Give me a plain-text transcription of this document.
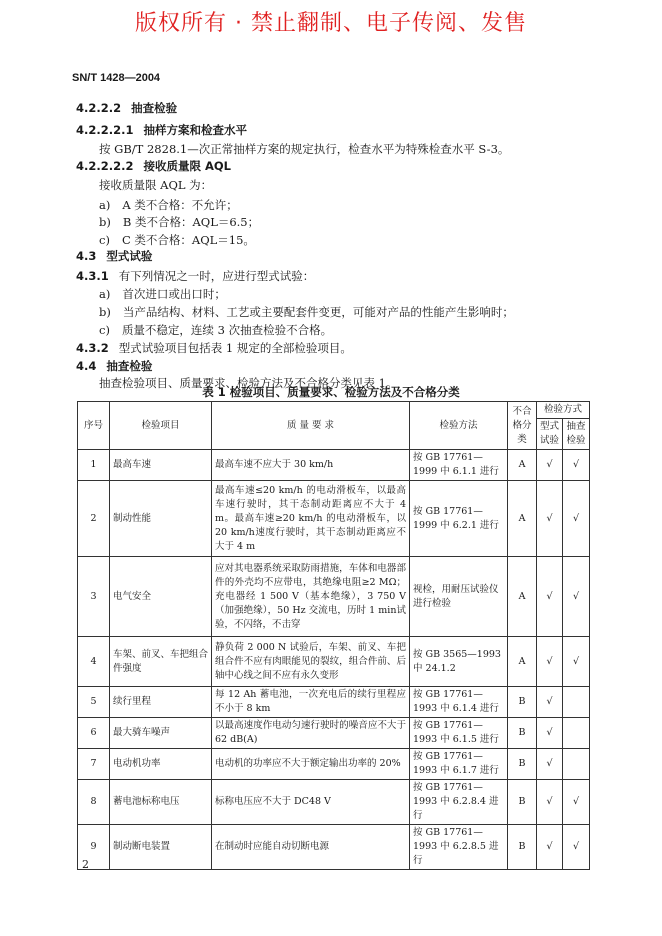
版权所有 · 禁止翻制、电子传阅、发售
SN/T 1428—2004
4.2.2.2 抽查检验
4.2.2.2.1 抽样方案和检查水平
按 GB/T 2828.1—次正常抽样方案的规定执行，检查水平为特殊检查水平 S-3。
4.2.2.2.2 接收质量限 AQL
接收质量限 AQL 为：
a) A 类不合格：不允许；
b) B 类不合格：AQL＝6.5；
c) C 类不合格：AQL＝15。
4.3 型式试验
4.3.1 有下列情况之一时，应进行型式试验：
a) 首次进口或出口时；
b) 当产品结构、材料、工艺或主要配套件变更，可能对产品的性能产生影响时；
c) 质量不稳定，连续 3 次抽查检验不合格。
4.3.2 型式试验项目包括表 1 规定的全部检验项目。
4.4 抽查检验
抽查检验项目、质量要求、检验方法及不合格分类见表 1。
表 1 检验项目、质量要求、检验方法及不合格分类
序号	检验项目	质 量 要 求	检验方法	不合格分类	检验方式	
					型式试验	抽查检验
1	最高车速	最高车速不应大于 30 km/h	按 GB 17761—1999 中 6.1.1 进行	A	√	√
2	制动性能	最高车速≤20 km/h 的电动滑板车，以最高车速行驶时，其干态制动距离应不大于 4 m。最高车速≥20 km/h 的电动滑板车，以 20 km/h速度行驶时，其干态制动距离应不大于 4 m	按 GB 17761—1999 中 6.2.1 进行	A	√	√
3	电气安全	应对其电器系统采取防雨措施，车体和电器部件的外壳均不应带电，其绝缘电阻≥2 MΩ；充电器经 1 500 V（基本绝缘），3 750 V（加强绝缘），50 Hz 交流电，历时 1 min试验，不闪络，不击穿	视检，用耐压试验仪进行检验	A	√	√
4	车架、前叉、车把组合件强度	静负荷 2 000 N 试验后，车架、前叉、车把组合件不应有肉眼能见的裂纹，组合件前、后轴中心线之间不应有永久变形	按 GB 3565—1993 中 24.1.2	A	√	√
5	续行里程	每 12 Ah 蓄电池，一次充电后的续行里程应不小于 8 km	按 GB 17761—1993 中 6.1.4 进行	B	√	
6	最大骑车噪声	以最高速度作电动匀速行驶时的噪音应不大于 62 dB(A)	按 GB 17761—1993 中 6.1.5 进行	B	√	
7	电动机功率	电动机的功率应不大于额定输出功率的 20%	按 GB 17761—1993 中 6.1.7 进行	B	√	
8	蓄电池标称电压	标称电压应不大于 DC48 V	按 GB 17761—1993 中 6.2.8.4 进行	B	√	√
9	制动断电装置	在制动时应能自动切断电源	按 GB 17761—1993 中 6.2.8.5 进行	B	√	√
2
